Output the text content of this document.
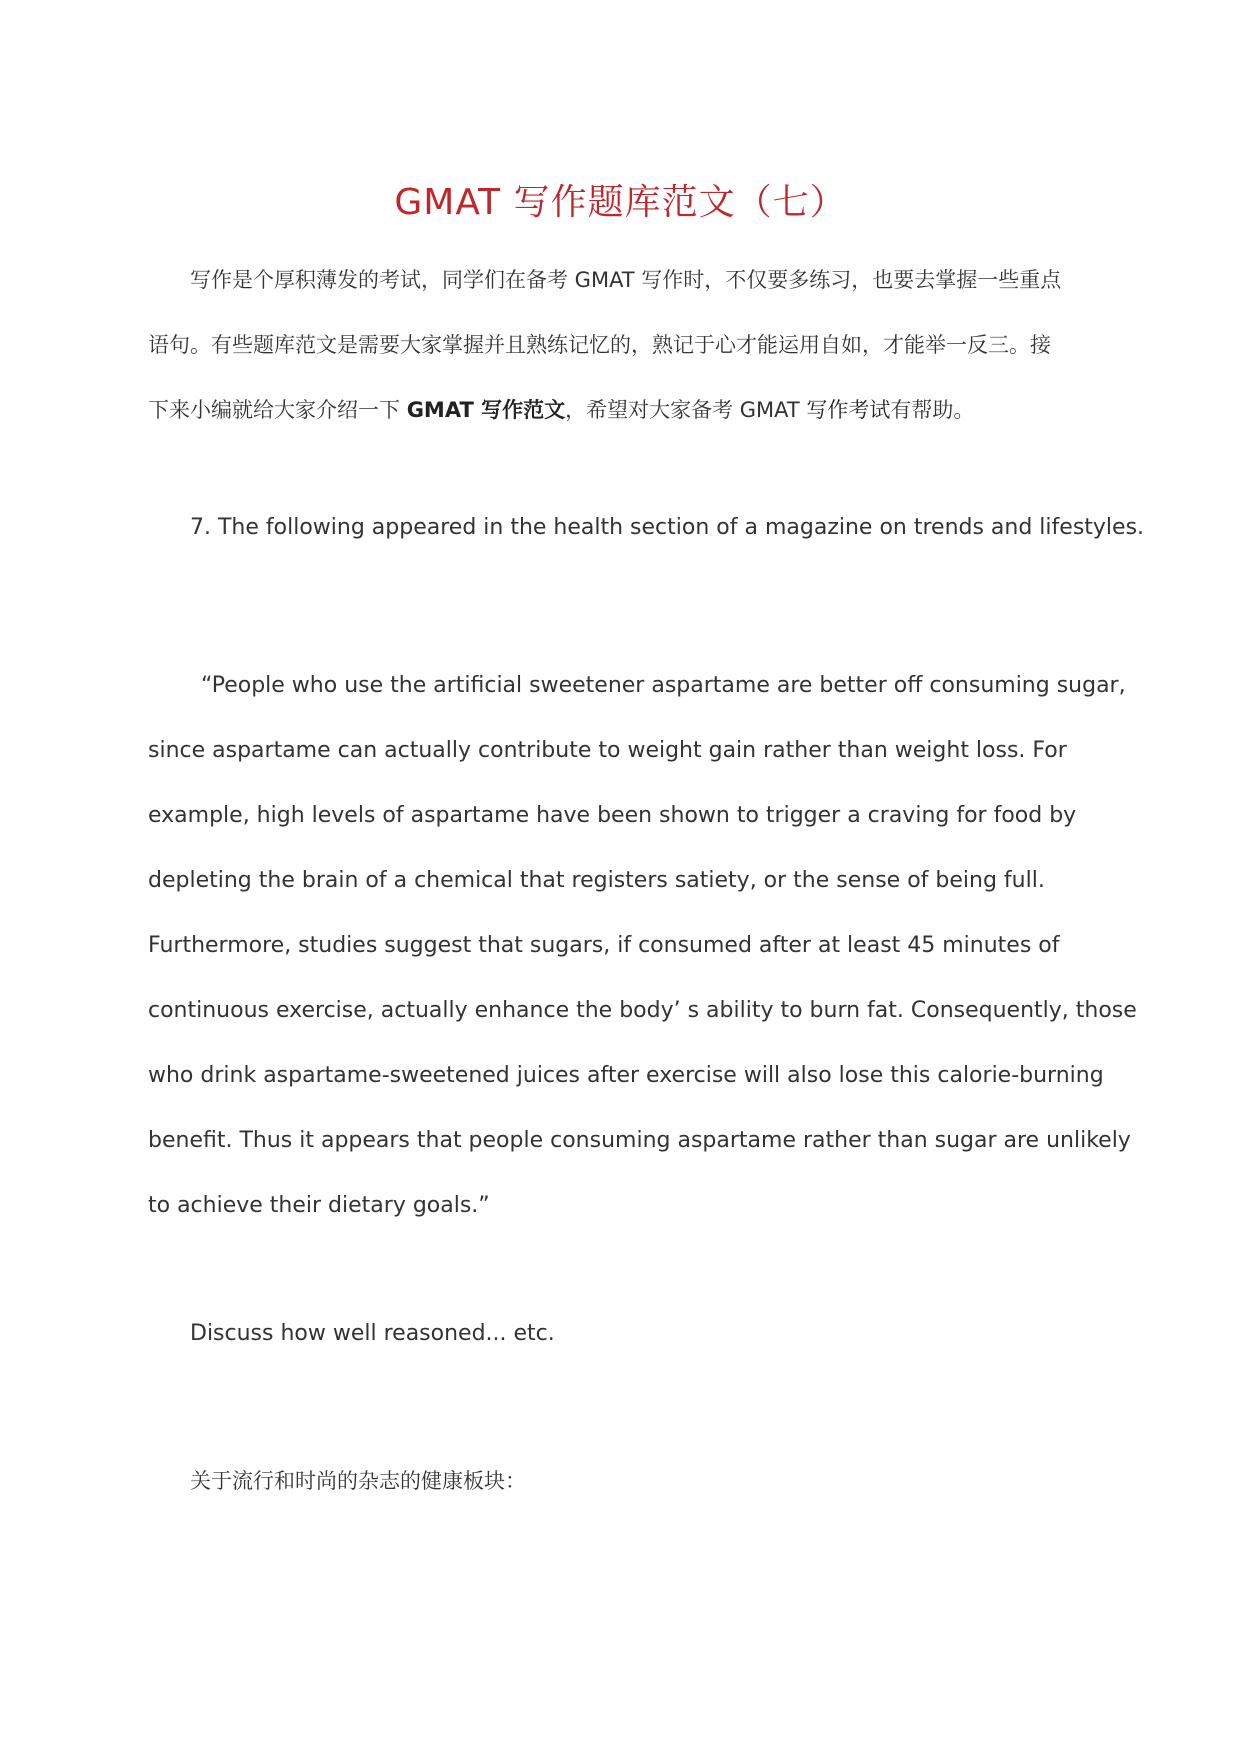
GMAT 写作题库范文（七）
写作是个厚积薄发的考试，同学们在备考 GMAT 写作时，不仅要多练习，也要去掌握一些重点
语句。有些题库范文是需要大家掌握并且熟练记忆的，熟记于心才能运用自如，才能举一反三。接
下来小编就给大家介绍一下 GMAT 写作范文，希望对大家备考 GMAT 写作考试有帮助。
7. The following appeared in the health section of a magazine on trends and lifestyles.
“People who use the artificial sweetener aspartame are better off consuming sugar,
since aspartame can actually contribute to weight gain rather than weight loss. For
example, high levels of aspartame have been shown to trigger a craving for food by
depleting the brain of a chemical that registers satiety, or the sense of being full.
Furthermore, studies suggest that sugars, if consumed after at least 45 minutes of
continuous exercise, actually enhance the body’ s ability to burn fat. Consequently, those
who drink aspartame-sweetened juices after exercise will also lose this calorie-burning
benefit. Thus it appears that people consuming aspartame rather than sugar are unlikely
to achieve their dietary goals.”
Discuss how well reasoned... etc.
关于流行和时尚的杂志的健康板块：
